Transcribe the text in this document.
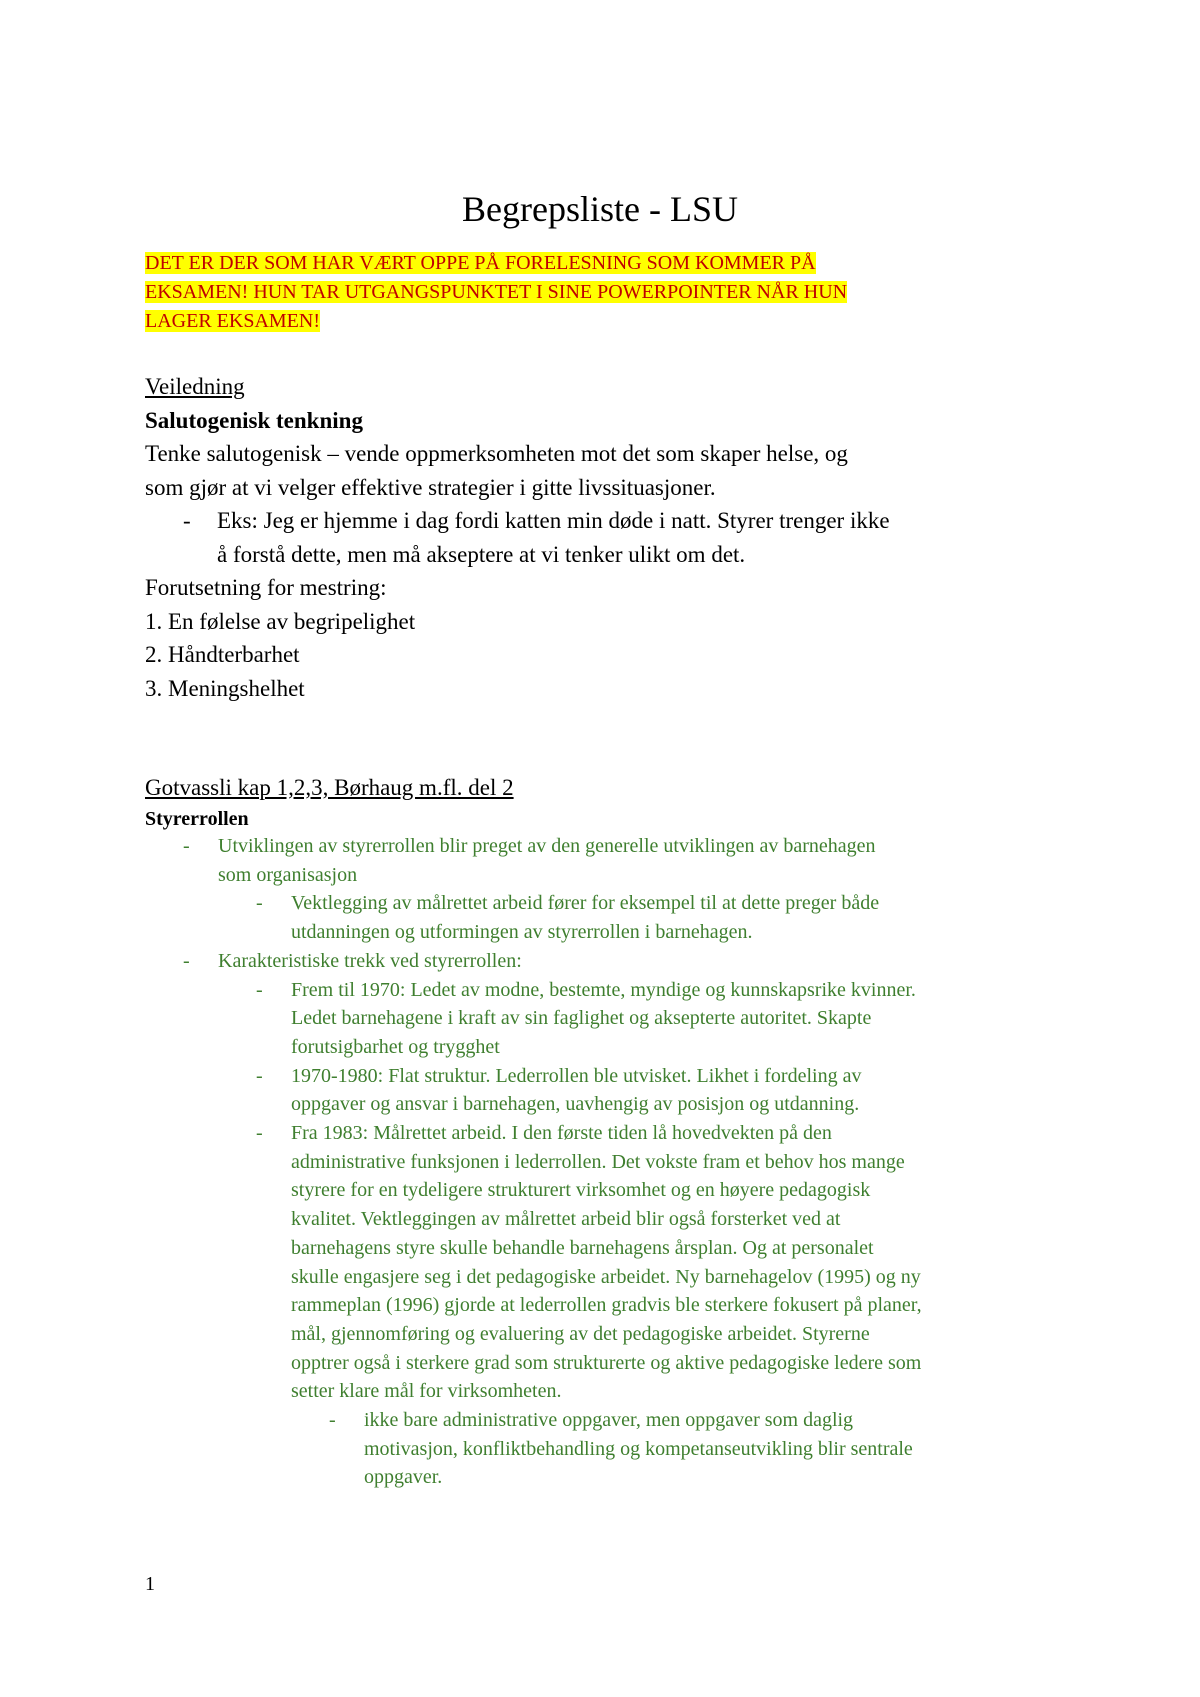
Begrepsliste - LSU
DET ER DER SOM HAR VÆRT OPPE PÅ FORELESNING SOM KOMMER PÅ
EKSAMEN! HUN TAR UTGANGSPUNKTET I SINE POWERPOINTER NÅR HUN
LAGER EKSAMEN!
Veiledning
Salutogenisk tenkning
Tenke salutogenisk – vende oppmerksomheten mot det som skaper helse, og
som gjør at vi velger effektive strategier i gitte livssituasjoner.
-	Eks: Jeg er hjemme i dag fordi katten min døde i natt. Styrer trenger ikke
å forstå dette, men må akseptere at vi tenker ulikt om det.
Forutsetning for mestring:
1. En følelse av begripelighet
2. Håndterbarhet
3. Meningshelhet
Gotvassli kap 1,2,3, Børhaug m.fl. del 2
Styrerrollen
- Utviklingen av styrerrollen blir preget av den generelle utviklingen av barnehagen
som organisasjon
- Vektlegging av målrettet arbeid fører for eksempel til at dette preger både
utdanningen og utformingen av styrerrollen i barnehagen.
- Karakteristiske trekk ved styrerrollen:
- Frem til 1970: Ledet av modne, bestemte, myndige og kunnskapsrike kvinner.
Ledet barnehagene i kraft av sin faglighet og aksepterte autoritet. Skapte
forutsigbarhet og trygghet
- 1970-1980: Flat struktur. Lederrollen ble utvisket. Likhet i fordeling av
oppgaver og ansvar i barnehagen, uavhengig av posisjon og utdanning.
- Fra 1983: Målrettet arbeid. I den første tiden lå hovedvekten på den
administrative funksjonen i lederrollen. Det vokste fram et behov hos mange
styrere for en tydeligere strukturert virksomhet og en høyere pedagogisk
kvalitet. Vektleggingen av målrettet arbeid blir også forsterket ved at
barnehagens styre skulle behandle barnehagens årsplan. Og at personalet
skulle engasjere seg i det pedagogiske arbeidet. Ny barnehagelov (1995) og ny
rammeplan (1996) gjorde at lederrollen gradvis ble sterkere fokusert på planer,
mål, gjennomføring og evaluering av det pedagogiske arbeidet. Styrerne
opptrer også i sterkere grad som strukturerte og aktive pedagogiske ledere som
setter klare mål for virksomheten.
- ikke bare administrative oppgaver, men oppgaver som daglig
motivasjon, konfliktbehandling og kompetanseutvikling blir sentrale
oppgaver.
1
